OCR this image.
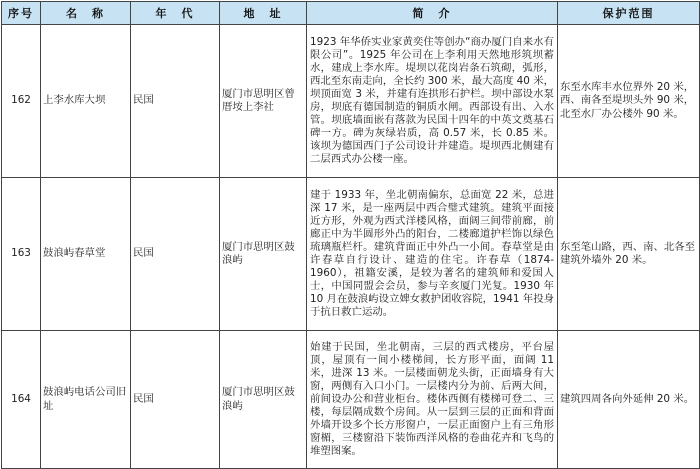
序号	名　称	年　代	地　址	简　介	保护范围
162	上李水库大坝	民国	厦门市思明区曾厝垵上李社	1923 年华侨实业家黄奕住等创办“商办厦门自来水有限公司”。1925 年公司在上李利用天然地形筑坝蓄水，建成上李水库。堤坝以花岗岩条石筑砌，弧形，西北至东南走向，全长约 300 米，最大高度 40 米，坝顶面宽 3 米，并建有连拱形石护栏。坝中部设水泵房，坝底有德国制造的铜质水闸。西部设有出、入水管。坝底墙面嵌有落款为民国十四年的中英文奠基石碑一方。碑为灰绿岩质，高 0.57 米，长 0.85 米。该坝为德国西门子公司设计并建造。堤坝西北侧建有二层西式办公楼一座。	东至水库丰水位界外 20 米，西、南各至堤坝头外 90 米，北至水厂办公楼外 90 米。
163	鼓浪屿春草堂	民国	厦门市思明区鼓浪屿	建于 1933 年，坐北朝南偏东，总面宽 22 米，总进深 17 米，是一座两层中西合璧式建筑。建筑平面接近方形，外观为西式洋楼风格，面阔三间带前廊，前廊正中为半圆形外凸的阳台，二楼廊道护栏饰以绿色琉璃瓶栏杆。建筑背面正中外凸一小间。春草堂是由许春草自行设计、建造的住宅。许春草（1874-1960），祖籍安溪，是较为著名的建筑师和爱国人士，中国同盟会会员，参与辛亥厦门光复。1930 年 10 月在鼓浪屿设立婢女救护团收容院，1941 年投身于抗日救亡运动。	东至笔山路，西、南、北各至建筑外墙外 20 米。
164	鼓浪屿电话公司旧址	民国	厦门市思明区鼓浪屿	始建于民国，坐北朝南，三层的西式楼房，平台屋顶，屋顶有一间小楼梯间，长方形平面，面阔 11 米，进深 13 米。一层楼面朝龙头街，正面墙身有大窗，两侧有入口小门。一层楼内分为前、后两大间，前间设办公和营业柜台。楼体西侧有楼梯可登二、三楼，每层隔成数个房间。从一层到三层的正面和背面外墙开设多个长方形窗户，一层正面窗户上有三角形窗楣，三楼窗沿下装饰西洋风格的卷曲花卉和飞鸟的堆塑图案。	建筑四周各向外延伸 20 米。
